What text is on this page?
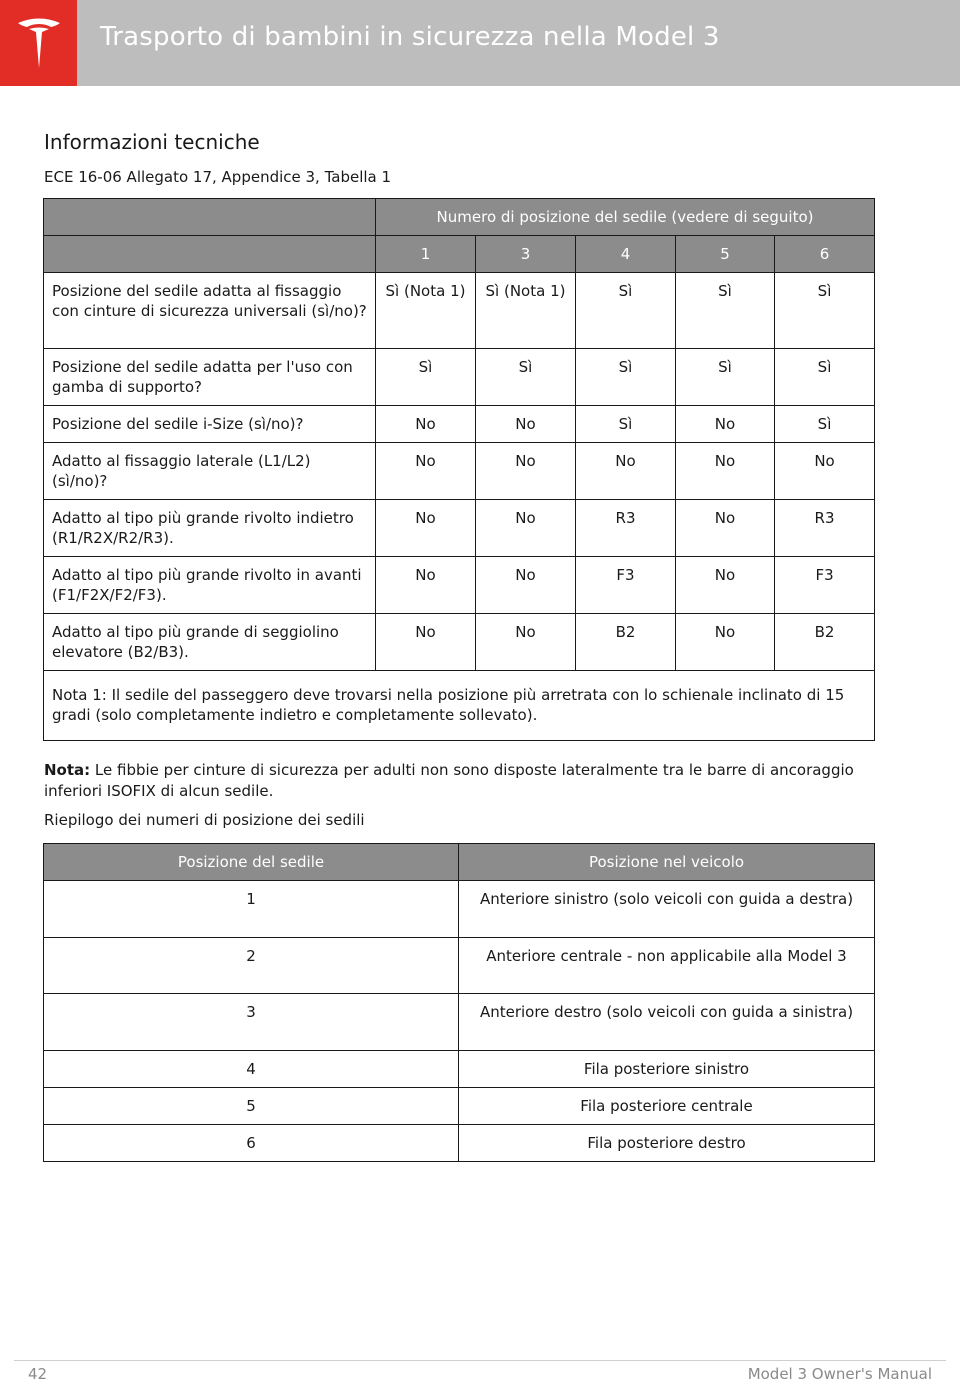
Trasporto di bambini in sicurezza nella Model 3
Informazioni tecniche
ECE 16-06 Allegato 17, Appendice 3, Tabella 1
	Numero di posizione del sedile (vedere di seguito)				
	1	3	4	5	6
Posizione del sedile adatta al fissaggio con cinture di sicurezza universali (sì/no)?	Sì (Nota 1)	Sì (Nota 1)	Sì	Sì	Sì
Posizione del sedile adatta per l'uso con gamba di supporto?	Sì	Sì	Sì	Sì	Sì
Posizione del sedile i-Size (sì/no)?	No	No	Sì	No	Sì
Adatto al fissaggio laterale (L1/L2) (sì/no)?	No	No	No	No	No
Adatto al tipo più grande rivolto indietro (R1/R2X/R2/R3).	No	No	R3	No	R3
Adatto al tipo più grande rivolto in avanti (F1/F2X/F2/F3).	No	No	F3	No	F3
Adatto al tipo più grande di seggiolino elevatore (B2/B3).	No	No	B2	No	B2
Nota 1: Il sedile del passeggero deve trovarsi nella posizione più arretrata con lo schienale inclinato di 15 gradi (solo completamente indietro e completamente sollevato).					
Nota: Le fibbie per cinture di sicurezza per adulti non sono disposte lateralmente tra le barre di ancoraggio inferiori ISOFIX di alcun sedile.
Riepilogo dei numeri di posizione dei sedili
Posizione del sedile	Posizione nel veicolo
1	Anteriore sinistro (solo veicoli con guida a destra)
2	Anteriore centrale - non applicabile alla Model 3
3	Anteriore destro (solo veicoli con guida a sinistra)
4	Fila posteriore sinistro
5	Fila posteriore centrale
6	Fila posteriore destro
42	Model 3 Owner's Manual
